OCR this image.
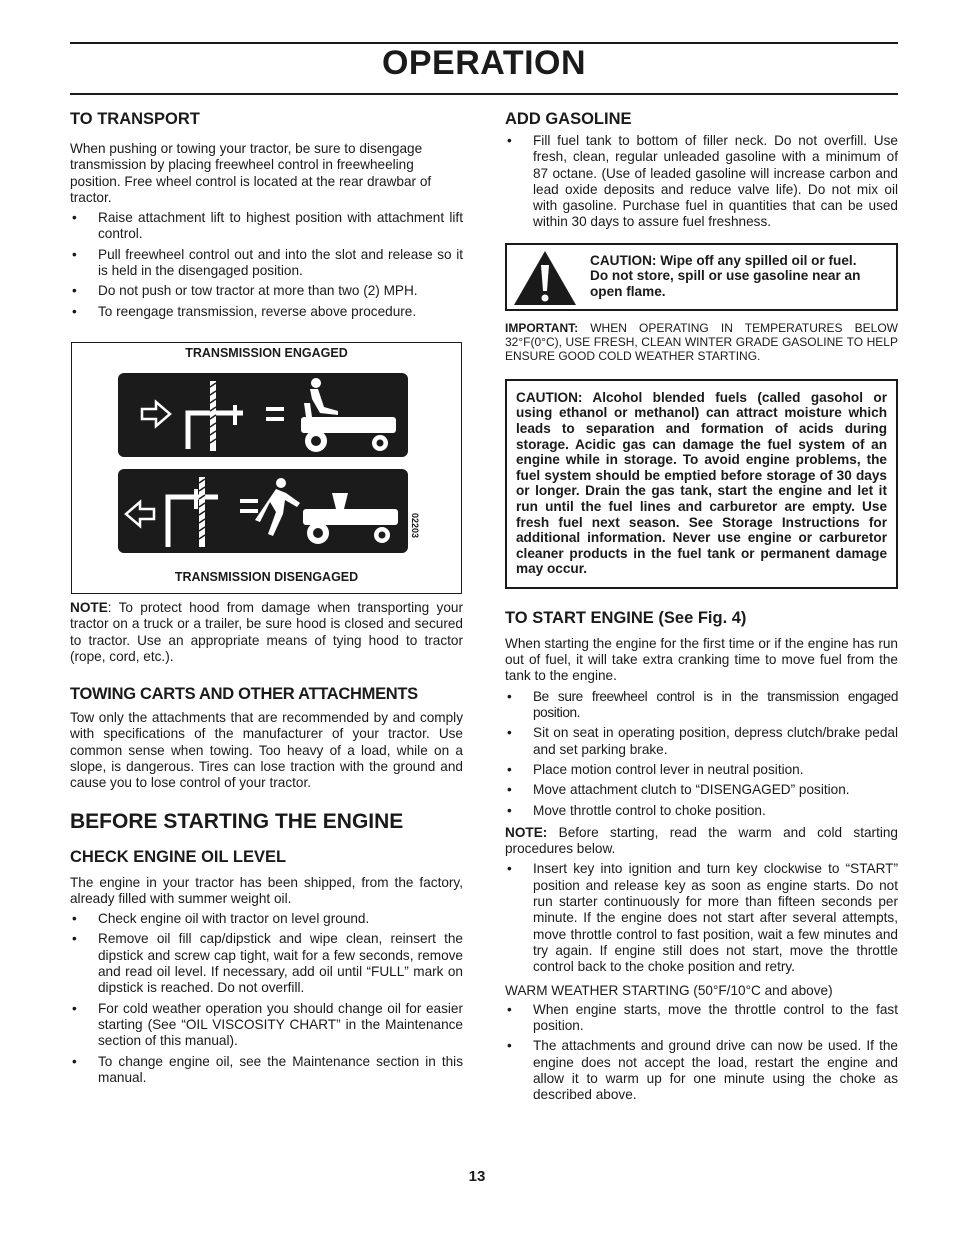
OPERATION
TO TRANSPORT

When pushing or towing your tractor, be sure to disengage transmission by placing freewheel control in freewheeling position. Free wheel control is located at the rear drawbar of tractor.

• Raise attachment lift to highest position with attachment lift control.
• Pull freewheel control out and into the slot and release so it is held in the disengaged position.
• Do not push or tow tractor at more than two (2) MPH.
• To reengage transmission, reverse above procedure.
TRANSMISSION ENGAGED
02203
TRANSMISSION DISENGAGED

NOTE: To protect hood from damage when transporting your tractor on a truck or a trailer, be sure hood is closed and secured to tractor. Use an appropriate means of tying hood to tractor (rope, cord, etc.).

TOWING CARTS AND OTHER ATTACHMENTS

Tow only the attachments that are recommended by and comply with specifications of the manufacturer of your tractor. Use common sense when towing. Too heavy of a load, while on a slope, is dangerous. Tires can lose traction with the ground and cause you to lose control of your tractor.

BEFORE STARTING THE ENGINE
CHECK ENGINE OIL LEVEL

The engine in your tractor has been shipped, from the factory, already filled with summer weight oil.

• Check engine oil with tractor on level ground.
• Remove oil fill cap/dipstick and wipe clean, reinsert the dipstick and screw cap tight, wait for a few seconds, remove and read oil level. If necessary, add oil until “FULL” mark on dipstick is reached. Do not overfill.
• For cold weather operation you should change oil for easier starting (See “OIL VISCOSITY CHART” in the Maintenance section of this manual).
• To change engine oil, see the Maintenance section in this manual.
ADD GASOLINE
• Fill fuel tank to bottom of filler neck. Do not overfill. Use fresh, clean, regular unleaded gasoline with a minimum of 87 octane. (Use of leaded gasoline will increase carbon and lead oxide deposits and reduce valve life). Do not mix oil with gasoline. Purchase fuel in quantities that can be used within 30 days to assure fuel freshness.

CAUTION: Wipe off any spilled oil or fuel. Do not store, spill or use gasoline near an open flame.

IMPORTANT: WHEN OPERATING IN TEMPERATURES BELOW 32°F(0°C), USE FRESH, CLEAN WINTER GRADE GASOLINE TO HELP ENSURE GOOD COLD WEATHER STARTING.

CAUTION: Alcohol blended fuels (called gasohol or using ethanol or methanol) can attract moisture which leads to separation and formation of acids during storage. Acidic gas can damage the fuel system of an engine while in storage. To avoid engine problems, the fuel system should be emptied before storage of 30 days or longer. Drain the gas tank, start the engine and let it run until the fuel lines and carburetor are empty. Use fresh fuel next season. See Storage Instructions for additional information. Never use engine or carburetor cleaner products in the fuel tank or permanent damage may occur.

TO START ENGINE (See Fig. 4)

When starting the engine for the first time or if the engine has run out of fuel, it will take extra cranking time to move fuel from the tank to the engine.

• Be sure freewheel control is in the transmission engaged position.
• Sit on seat in operating position, depress clutch/brake pedal and set parking brake.
• Place motion control lever in neutral position.
• Move attachment clutch to “DISENGAGED” position.
• Move throttle control to choke position.

NOTE: Before starting, read the warm and cold starting procedures below.

• Insert key into ignition and turn key clockwise to “START” position and release key as soon as engine starts. Do not run starter continuously for more than fifteen seconds per minute. If the engine does not start after several attempts, move throttle control to fast position, wait a few minutes and try again. If engine still does not start, move the throttle control back to the choke position and retry.

WARM WEATHER STARTING (50°F/10°C and above)

• When engine starts, move the throttle control to the fast position.
• The attachments and ground drive can now be used. If the engine does not accept the load, restart the engine and allow it to warm up for one minute using the choke as described above.
13
